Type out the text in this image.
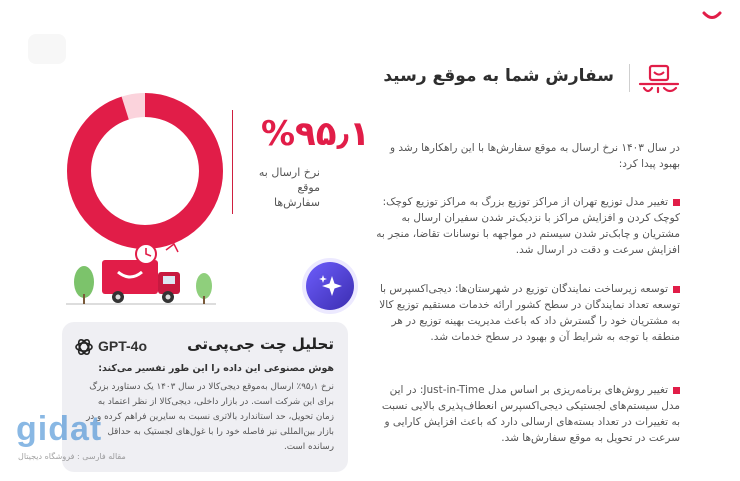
سفارش شما به موقع رسید
در سال ۱۴۰۳ نرخ ارسال به موقع سفارش‌ها با این راهکارها رشد و بهبود پیدا کرد:
تغییر مدل توزیع تهران از مراکز توزیع بزرگ به مراکز توزیع کوچک: کوچک کردن و افزایش مراکز با نزدیک‌تر شدن سفیران ارسال به مشتریان و چابک‌تر شدن سیستم در مواجهه با نوسانات تقاضا، منجر به افزایش سرعت و دقت در ارسال شد.
توسعه زیرساخت نمایندگان توزیع در شهرستان‌ها: دیجی‌اکسپرس با توسعه تعداد نمایندگان در سطح کشور ارائه خدمات مستقیم توزیع کالا به مشتریان خود را گسترش داد که باعث مدیریت بهینه توزیع در هر منطقه با توجه به شرایط آن و بهبود در سطح خدمات شد.
تغییر روش‌های برنامه‌ریزی بر اساس مدل Just-in-Time: در این مدل سیستم‌های لجستیکی دیجی‌اکسپرس انعطاف‌پذیری بالایی نسبت به تغییرات در تعداد بسته‌های ارسالی دارد که باعث افزایش کارایی و سرعت در تحویل به موقع سفارش‌ها شد.
%۹۵٫۱
نرخ ارسال به موقع سفارش‌ها
GPT-4o	تحلیل چت جی‌پی‌تی
هوش مصنوعی این داده را این طور تفسیر می‌کند:
نرخ ۹۵٫۱٪ ارسال به‌موقع دیجی‌کالا در سال ۱۴۰۳ یک دستاورد بزرگ برای این شرکت است. در بازار داخلی، دیجی‌کالا از نظر اعتماد به زمان تحویل، حد استاندارد بالاتری نسبت به سایرین فراهم کرده و در بازار بین‌المللی نیز فاصله خود را با غول‌های لجستیک به حداقل رسانده است.
gidat
مقاله فارسی : فروشگاه دیجیتال
